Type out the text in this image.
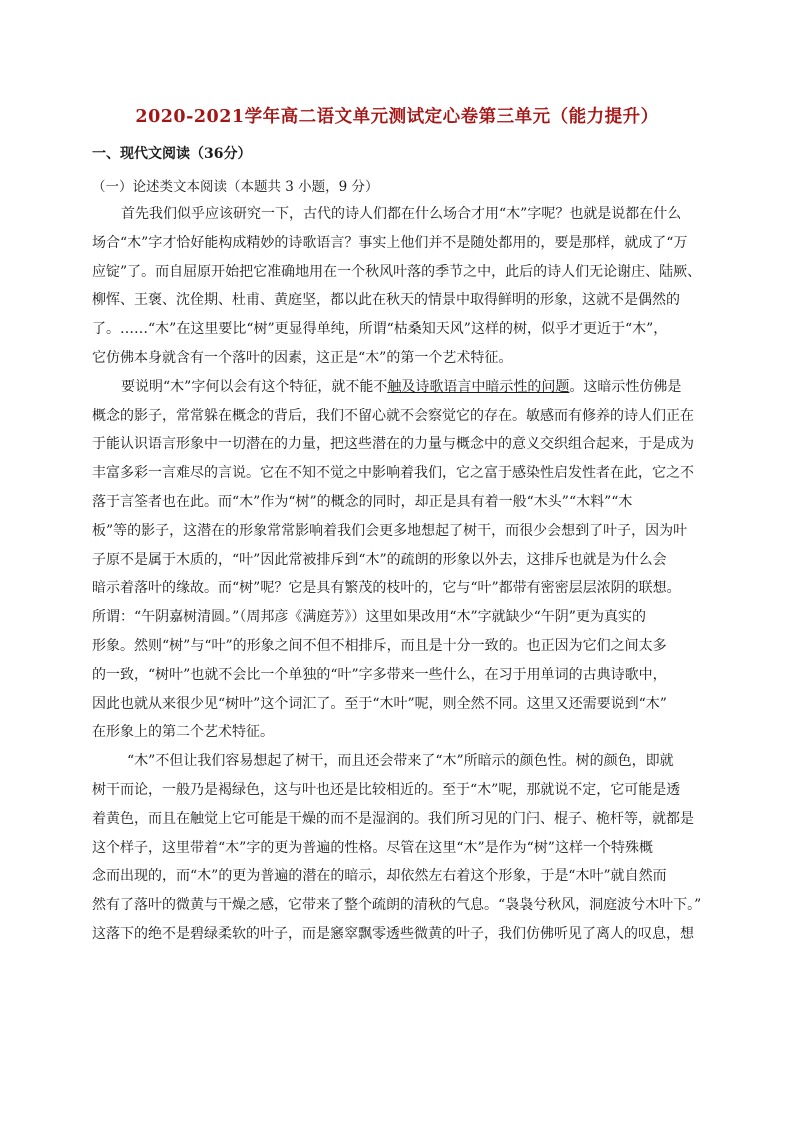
2020-2021学年高二语文单元测试定心卷第三单元（能力提升）
一、现代文阅读（36分）
（一）论述类文本阅读（本题共 3 小题，9 分）
首先我们似乎应该研究一下，古代的诗人们都在什么场合才用“木”字呢？也就是说都在什么
场合“木”字才恰好能构成精妙的诗歌语言？事实上他们并不是随处都用的，要是那样，就成了“万
应锭”了。而自屈原开始把它准确地用在一个秋风叶落的季节之中，此后的诗人们无论谢庄、陆厥、
柳恽、王褒、沈佺期、杜甫、黄庭坚，都以此在秋天的情景中取得鲜明的形象，这就不是偶然的
了。……“木”在这里要比“树”更显得单纯，所谓“枯桑知天风”这样的树，似乎才更近于“木”，
它仿佛本身就含有一个落叶的因素，这正是“木”的第一个艺术特征。
要说明“木”字何以会有这个特征，就不能不触及诗歌语言中暗示性的问题。这暗示性仿佛是
概念的影子，常常躲在概念的背后，我们不留心就不会察觉它的存在。敏感而有修养的诗人们正在
于能认识语言形象中一切潜在的力量，把这些潜在的力量与概念中的意义交织组合起来，于是成为
丰富多彩一言难尽的言说。它在不知不觉之中影响着我们，它之富于感染性启发性者在此，它之不
落于言筌者也在此。而“木”作为“树”的概念的同时，却正是具有着一般“木头”“木料”“木
板”等的影子，这潜在的形象常常影响着我们会更多地想起了树干，而很少会想到了叶子，因为叶
子原不是属于木质的，“叶”因此常被排斥到“木”的疏朗的形象以外去，这排斥也就是为什么会
暗示着落叶的缘故。而“树”呢？它是具有繁茂的枝叶的，它与“叶”都带有密密层层浓阴的联想。
所谓：“午阴嘉树清圆。”（周邦彦《满庭芳》）这里如果改用“木”字就缺少“午阴”更为真实的
形象。然则“树”与“叶”的形象之间不但不相排斥，而且是十分一致的。也正因为它们之间太多
的一致，“树叶”也就不会比一个单独的“叶”字多带来一些什么，在习于用单词的古典诗歌中，
因此也就从来很少见“树叶”这个词汇了。至于“木叶”呢，则全然不同。这里又还需要说到“木”
在形象上的第二个艺术特征。
“木”不但让我们容易想起了树干，而且还会带来了“木”所暗示的颜色性。树的颜色，即就
树干而论，一般乃是褐绿色，这与叶也还是比较相近的。至于“木”呢，那就说不定，它可能是透
着黄色，而且在触觉上它可能是干燥的而不是湿润的。我们所习见的门闩、棍子、桅杆等，就都是
这个样子，这里带着“木”字的更为普遍的性格。尽管在这里“木”是作为“树”这样一个特殊概
念而出现的，而“木”的更为普遍的潜在的暗示，却依然左右着这个形象，于是“木叶”就自然而
然有了落叶的微黄与干燥之感，它带来了整个疏朗的清秋的气息。“袅袅兮秋风，洞庭波兮木叶下。”
这落下的绝不是碧绿柔软的叶子，而是窸窣飘零透些微黄的叶子，我们仿佛听见了离人的叹息，想
